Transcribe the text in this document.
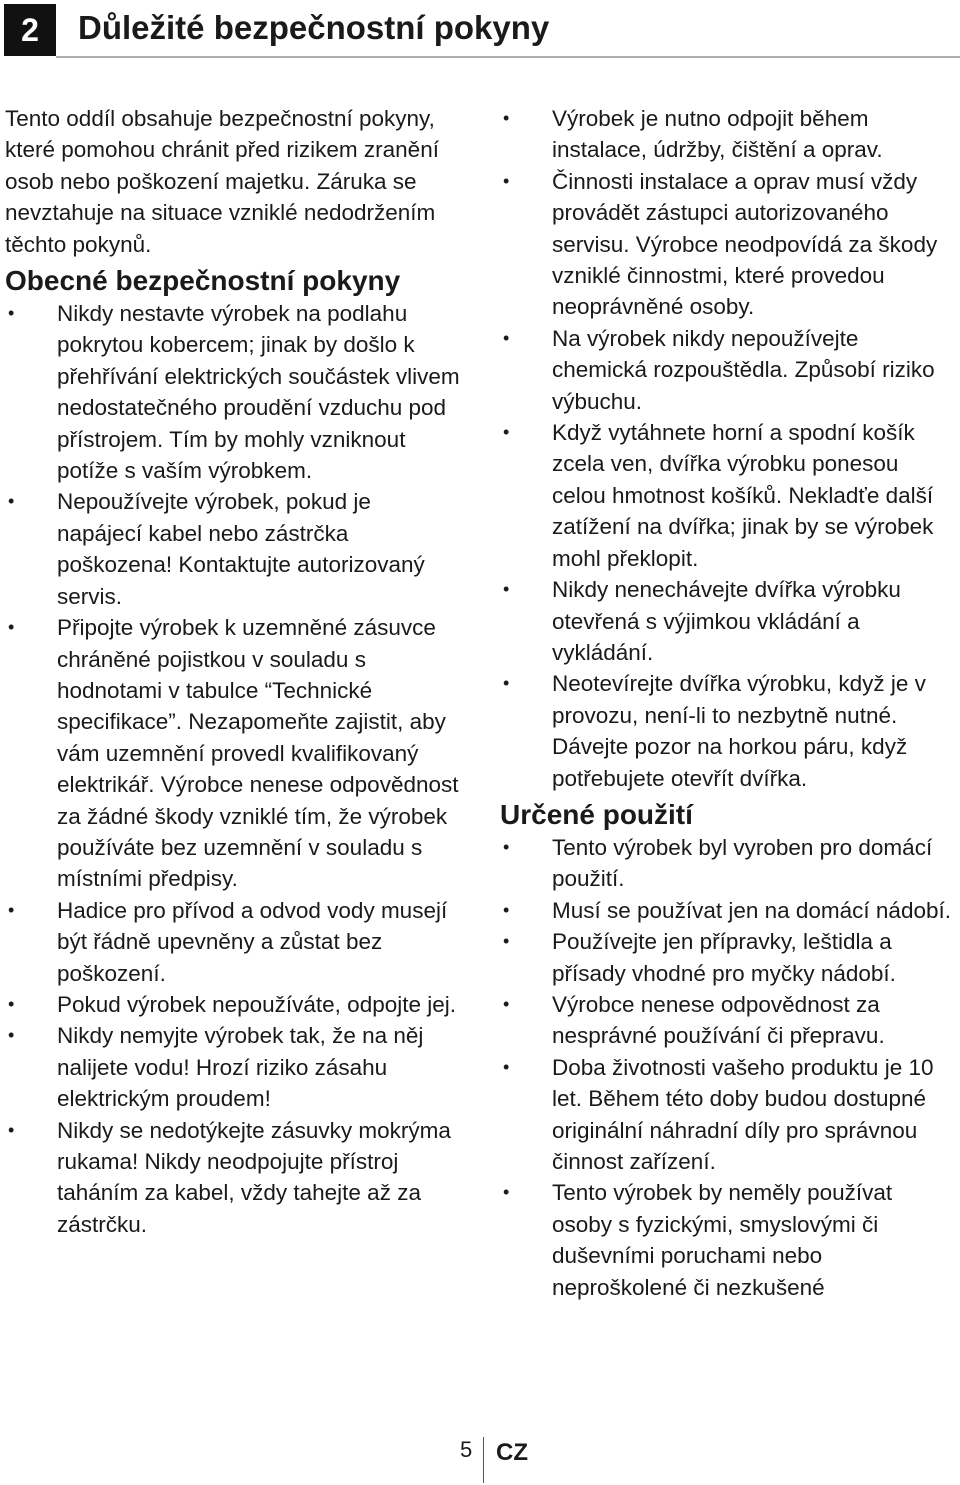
2	Důležité bezpečnostní pokyny

Tento oddíl obsahuje bezpečnostní pokyny, které pomohou chránit před rizikem zranění osob nebo poškození majetku. Záruka se nevztahuje na situace vzniklé nedodržením těchto pokynů.

Obecné bezpečnostní pokyny
• Nikdy nestavte výrobek na podlahu pokrytou kobercem; jinak by došlo k přehřívání elektrických součástek vlivem nedostatečného proudění vzduchu pod přístrojem. Tím by mohly vzniknout potíže s vaším výrobkem.
• Nepoužívejte výrobek, pokud je napájecí kabel nebo zástrčka poškozena! Kontaktujte autorizovaný servis.
• Připojte výrobek k uzemněné zásuvce chráněné pojistkou v souladu s hodnotami v tabulce “Technické specifikace”. Nezapomeňte zajistit, aby vám uzemnění provedl kvalifikovaný elektrikář. Výrobce nenese odpovědnost za žádné škody vzniklé tím, že výrobek používáte bez uzemnění v souladu s místními předpisy.
• Hadice pro přívod a odvod vody musejí být řádně upevněny a zůstat bez poškození.
• Pokud výrobek nepoužíváte, odpojte jej.
• Nikdy nemyjte výrobek tak, že na něj nalijete vodu! Hrozí riziko zásahu elektrickým proudem!
• Nikdy se nedotýkejte zásuvky mokrýma rukama! Nikdy neodpojujte přístroj taháním za kabel, vždy tahejte až za zástrčku.
• Výrobek je nutno odpojit během instalace, údržby, čištění a oprav.
• Činnosti instalace a oprav musí vždy provádět zástupci autorizovaného servisu. Výrobce neodpovídá za škody vzniklé činnostmi, které provedou neoprávněné osoby.
• Na výrobek nikdy nepoužívejte chemická rozpouštědla. Způsobí riziko výbuchu.
• Když vytáhnete horní a spodní košík zcela ven, dvířka výrobku ponesou celou hmotnost košíků. Nekladťe další zatížení na dvířka; jinak by se výrobek mohl překlopit.
• Nikdy nenechávejte dvířka výrobku otevřená s výjimkou vkládání a vykládání.
• Neotevírejte dvířka výrobku, když je v provozu, není-li to nezbytně nutné. Dávejte pozor na horkou páru, když potřebujete otevřít dvířka.
Určené použití
• Tento výrobek byl vyroben pro domácí použití.
• Musí se používat jen na domácí nádobí.
• Používejte jen přípravky, leštidla a přísady vhodné pro myčky nádobí.
• Výrobce nenese odpovědnost za nesprávné používání či přepravu.
• Doba životnosti vašeho produktu je 10 let. Během této doby budou dostupné originální náhradní díly pro správnou činnost zařízení.
• Tento výrobek by neměly používat osoby s fyzickými, smyslovými či duševními poruchami nebo neproškolené či nezkušené
5 CZ
